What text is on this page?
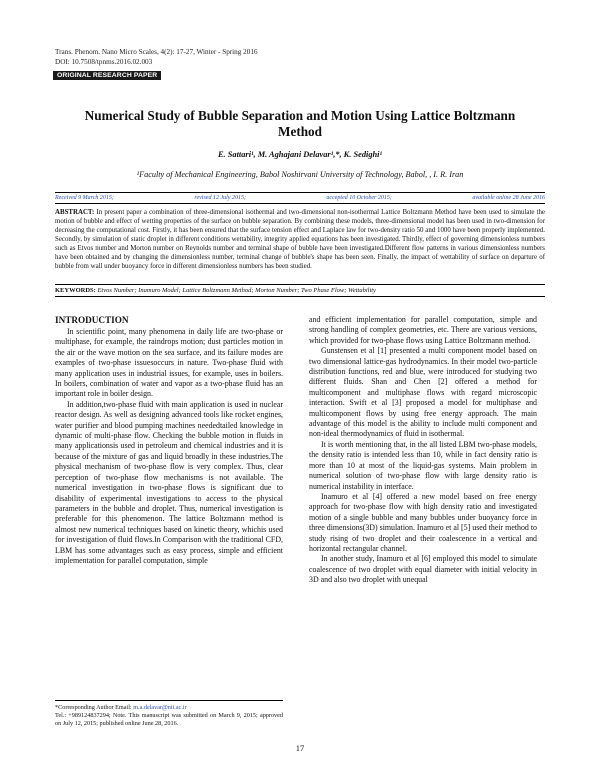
Trans. Phenom. Nano Micro Scales, 4(2): 17-27, Winter - Spring 2016
DOI: 10.7508/tpnms.2016.02.003
ORIGINAL RESEARCH PAPER
Numerical Study of Bubble Separation and Motion Using Lattice Boltzmann
Method
E. Sattari¹, M. Aghajani Delavar¹,*, K. Sedighi¹
¹Faculty of Mechanical Engineering, Babol Noshirvani University of Technology, Babol, , I. R. Iran
Received 9 March 2015;	revised 12 July 2015;	accepted 10 October 2015;	available online 28 June 2016
ABSTRACT: In present paper a combination of three-dimensional isothermal and two-dimensional non-isothermal Lattice Boltzmann Method have been used to simulate the motion of bubble and effect of wetting properties of the surface on bubble separation. By combining these models, three-dimensional model has been used in two-dimension for decreasing the computational cost. Firstly, it has been ensured that the surface tension effect and Laplace law for two-density ratio 50 and 1000 have been properly implemented. Secondly, by simulation of static droplet in different conditions wettability, integrity applied equations has been investigated. Thirdly, effect of governing dimensionless numbers such as Etvos number and Morton number on Reynolds number and terminal shape of bubble have been investigated.Different flow patterns in various dimensionless numbers have been obtained and by changing the dimensionless number, terminal change of bubble's shape has been seen. Finally, the impact of wettability of surface on departure of bubble from wall under buoyancy force in different dimensionless numbers has been studied.
KEYWORDS: Etvos Number; Inamuro Model; Lattice Boltzmann Method; Morton Number; Two Phase Flow; Wettability
INTRODUCTION

In scientific point, many phenomena in daily life are two-phase or multiphase, for example, the raindrops motion; dust particles motion in the air or the wave motion on the sea surface, and its failure modes are examples of two-phase issuesoccurs in nature. Two-phase fluid with many application uses in industrial issues, for example, uses in boilers. In boilers, combination of water and vapor as a two-phase fluid has an important role in boiler design.

In addition,two-phase fluid with main application is used in nuclear reactor design. As well as designing advanced tools like rocket engines, water purifier and blood pumping machines neededtailed knowledge in dynamic of multi-phase flow. Checking the bubble motion in fluids in many applicationsis used in petroleum and chemical industries and it is because of the mixture of gas and liquid broadly in these industries.The physical mechanism of two-phase flow is very complex. Thus, clear perception of two-phase flow mechanisms is not available. The numerical investigation in two-phase flows is significant due to disability of experimental investigations to access to the physical parameters in the bubble and droplet. Thus, numerical investigation is preferable for this phenomenon. The lattice Boltzmann method is almost new numerical techniques based on kinetic theory, whichis used for investigation of fluid flows.In Comparison with the traditional CFD, LBM has some advantages such as easy process, simple and efficient implementation for parallel computation, simple

and efficient implementation for parallel computation, simple and strong handling of complex geometries, etc. There are various versions, which provided for two-phase flows using Lattice Boltzmann method.

Gunstensen et al [1] presented a multi component model based on two dimensional lattice-gas hydrodynamics. In their model two-particle distribution functions, red and blue, were introduced for studying two different fluids. Shan and Chen [2] offered a method for multicomponent and multiphase flows with regard microscopic interaction. Swift et al [3] proposed a model for multiphase and multicomponent flows by using free energy approach. The main advantage of this model is the ability to include multi component and non-ideal thermodynamics of fluid in isothermal.

It is worth mentioning that, in the all listed LBM two-phase models, the density ratio is intended less than 10, while in fact density ratio is more than 10 at most of the liquid-gas systems. Main problem in numerical solution of two-phase flow with large density ratio is numerical instability in interface.

Inamuro et al [4] offered a new model based on free energy approach for two-phase flow with high density ratio and investigated motion of a single bubble and many bubbles under buoyancy force in three dimensions(3D) simulation. Inamuro et al [5] used their method to study rising of two droplet and their coalescence in a vertical and horizontal rectangular channel.

In another study, Inamuro et al [6] employed this model to simulate coalescence of two droplet with equal diameter with initial velocity in 3D and also two droplet with unequal

*Corresponding Author Email: m.a.delavar@nit.ac.ir
Tel.: +989124837294; Note. This manuscript was submitted on March 9, 2015; approved on July 12, 2015; published online June 28, 2016.
17
